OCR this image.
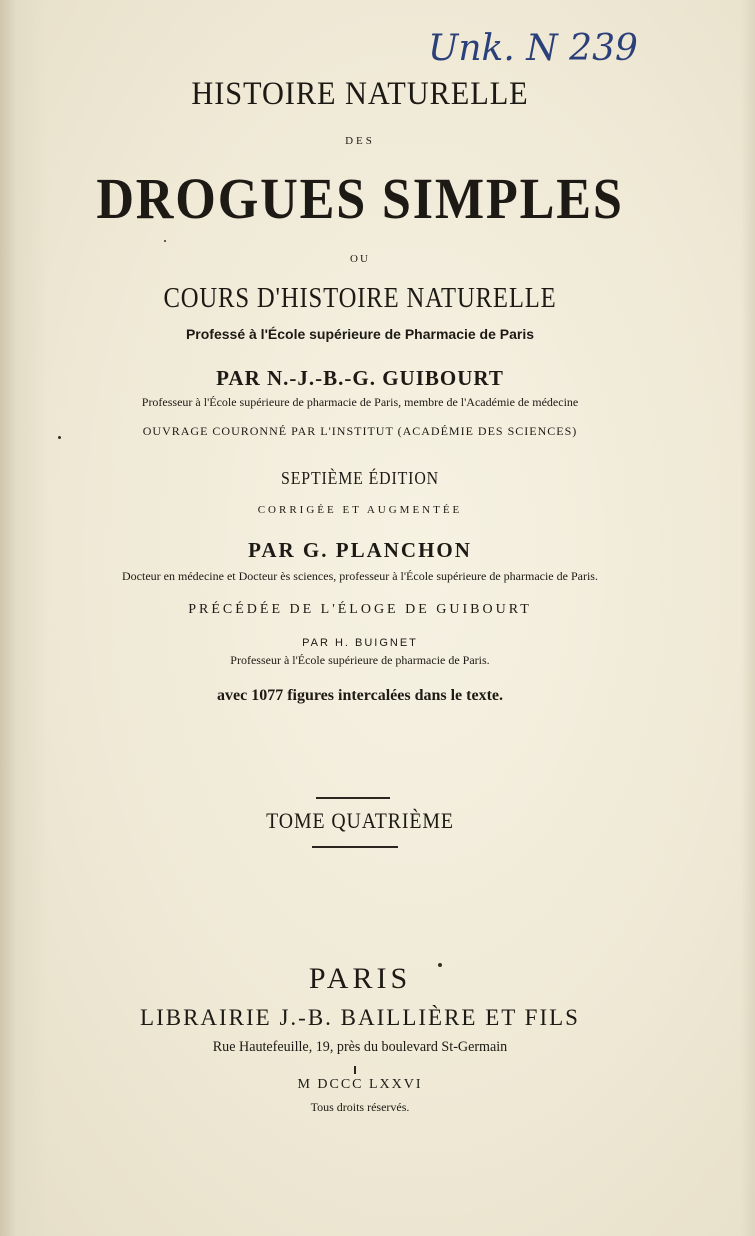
Unk. N 239
HISTOIRE NATURELLE
DES
DROGUES SIMPLES
OU
COURS D'HISTOIRE NATURELLE
Professé à l'École supérieure de Pharmacie de Paris
PAR N.-J.-B.-G. GUIBOURT
Professeur à l'École supérieure de pharmacie de Paris, membre de l'Académie de médecine
OUVRAGE COURONNÉ PAR L'INSTITUT (ACADÉMIE DES SCIENCES)
SEPTIÈME ÉDITION
CORRIGÉE ET AUGMENTÉE
PAR G. PLANCHON
Docteur en médecine et Docteur ès sciences, professeur à l'École supérieure de pharmacie de Paris.
PRÉCÉDÉE DE L'ÉLOGE DE GUIBOURT
PAR H. BUIGNET
Professeur à l'École supérieure de pharmacie de Paris.
avec 1077 figures intercalées dans le texte.
TOME QUATRIÈME
PARIS
LIBRAIRIE J.-B. BAILLIÈRE ET FILS
Rue Hautefeuille, 19, près du boulevard St-Germain
M DCCC LXXVI
Tous droits réservés.
